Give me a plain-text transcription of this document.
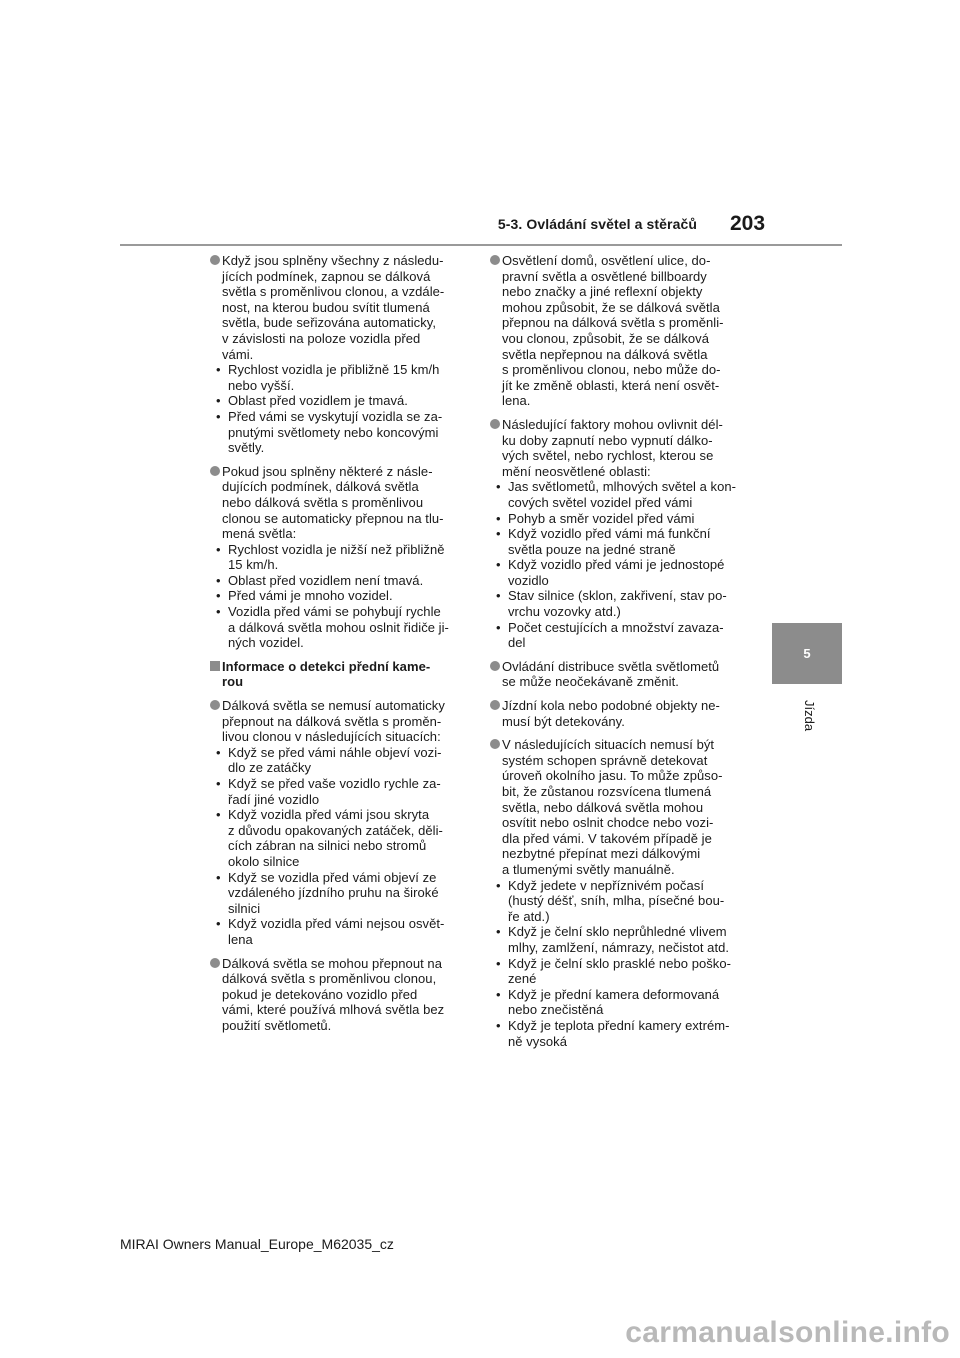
5-3. Ovládání světel a stěračů 203
5
Jízda
Když jsou splněny všechny z následu-
jících podmínek, zapnou se dálková
světla s proměnlivou clonou, a vzdále-
nost, na kterou budou svítit tlumená
světla, bude seřizována automaticky,
v závislosti na poloze vozidla před
vámi.
• Rychlost vozidla je přibližně 15 km/h
nebo vyšší.
• Oblast před vozidlem je tmavá.
• Před vámi se vyskytují vozidla se za-
pnutými světlomety nebo koncovými
světly.
Pokud jsou splněny některé z násle-
dujících podmínek, dálková světla
nebo dálková světla s proměnlivou
clonou se automaticky přepnou na tlu-
mená světla:
• Rychlost vozidla je nižší než přibližně
15 km/h.
• Oblast před vozidlem není tmavá.
• Před vámi je mnoho vozidel.
• Vozidla před vámi se pohybují rychle
a dálková světla mohou oslnit řidiče ji-
ných vozidel.
Informace o detekci přední kame-
rou
Dálková světla se nemusí automaticky
přepnout na dálková světla s proměn-
livou clonou v následujících situacích:
• Když se před vámi náhle objeví vozi-
dlo ze zatáčky
• Když se před vaše vozidlo rychle za-
řadí jiné vozidlo
• Když vozidla před vámi jsou skryta
z důvodu opakovaných zatáček, děli-
cích zábran na silnici nebo stromů
okolo silnice
• Když se vozidla před vámi objeví ze
vzdáleného jízdního pruhu na široké
silnici
• Když vozidla před vámi nejsou osvět-
lena
Dálková světla se mohou přepnout na
dálková světla s proměnlivou clonou,
pokud je detekováno vozidlo před
vámi, které používá mlhová světla bez
použití světlometů.
Osvětlení domů, osvětlení ulice, do-
pravní světla a osvětlené billboardy
nebo značky a jiné reflexní objekty
mohou způsobit, že se dálková světla
přepnou na dálková světla s proměnli-
vou clonou, způsobit, že se dálková
světla nepřepnou na dálková světla
s proměnlivou clonou, nebo může do-
jít ke změně oblasti, která není osvět-
lena.
Následující faktory mohou ovlivnit dél-
ku doby zapnutí nebo vypnutí dálko-
vých světel, nebo rychlost, kterou se
mění neosvětlené oblasti:
• Jas světlometů, mlhových světel a kon-
cových světel vozidel před vámi
• Pohyb a směr vozidel před vámi
• Když vozidlo před vámi má funkční
světla pouze na jedné straně
• Když vozidlo před vámi je jednostopé
vozidlo
• Stav silnice (sklon, zakřivení, stav po-
vrchu vozovky atd.)
• Počet cestujících a množství zavaza-
del
Ovládání distribuce světla světlometů
se může neočekávaně změnit.
Jízdní kola nebo podobné objekty ne-
musí být detekovány.
V následujících situacích nemusí být
systém schopen správně detekovat
úroveň okolního jasu. To může způso-
bit, že zůstanou rozsvícena tlumená
světla, nebo dálková světla mohou
osvítit nebo oslnit chodce nebo vozi-
dla před vámi. V takovém případě je
nezbytné přepínat mezi dálkovými
a tlumenými světly manuálně.
• Když jedete v nepříznivém počasí
(hustý déšť, sníh, mlha, písečné bou-
ře atd.)
• Když je čelní sklo neprůhledné vlivem
mlhy, zamlžení, námrazy, nečistot atd.
• Když je čelní sklo prasklé nebo poško-
zené
• Když je přední kamera deformovaná
nebo znečistěná
• Když je teplota přední kamery extrém-
ně vysoká
MIRAI Owners Manual_Europe_M62035_cz
carmanualsonline.info
